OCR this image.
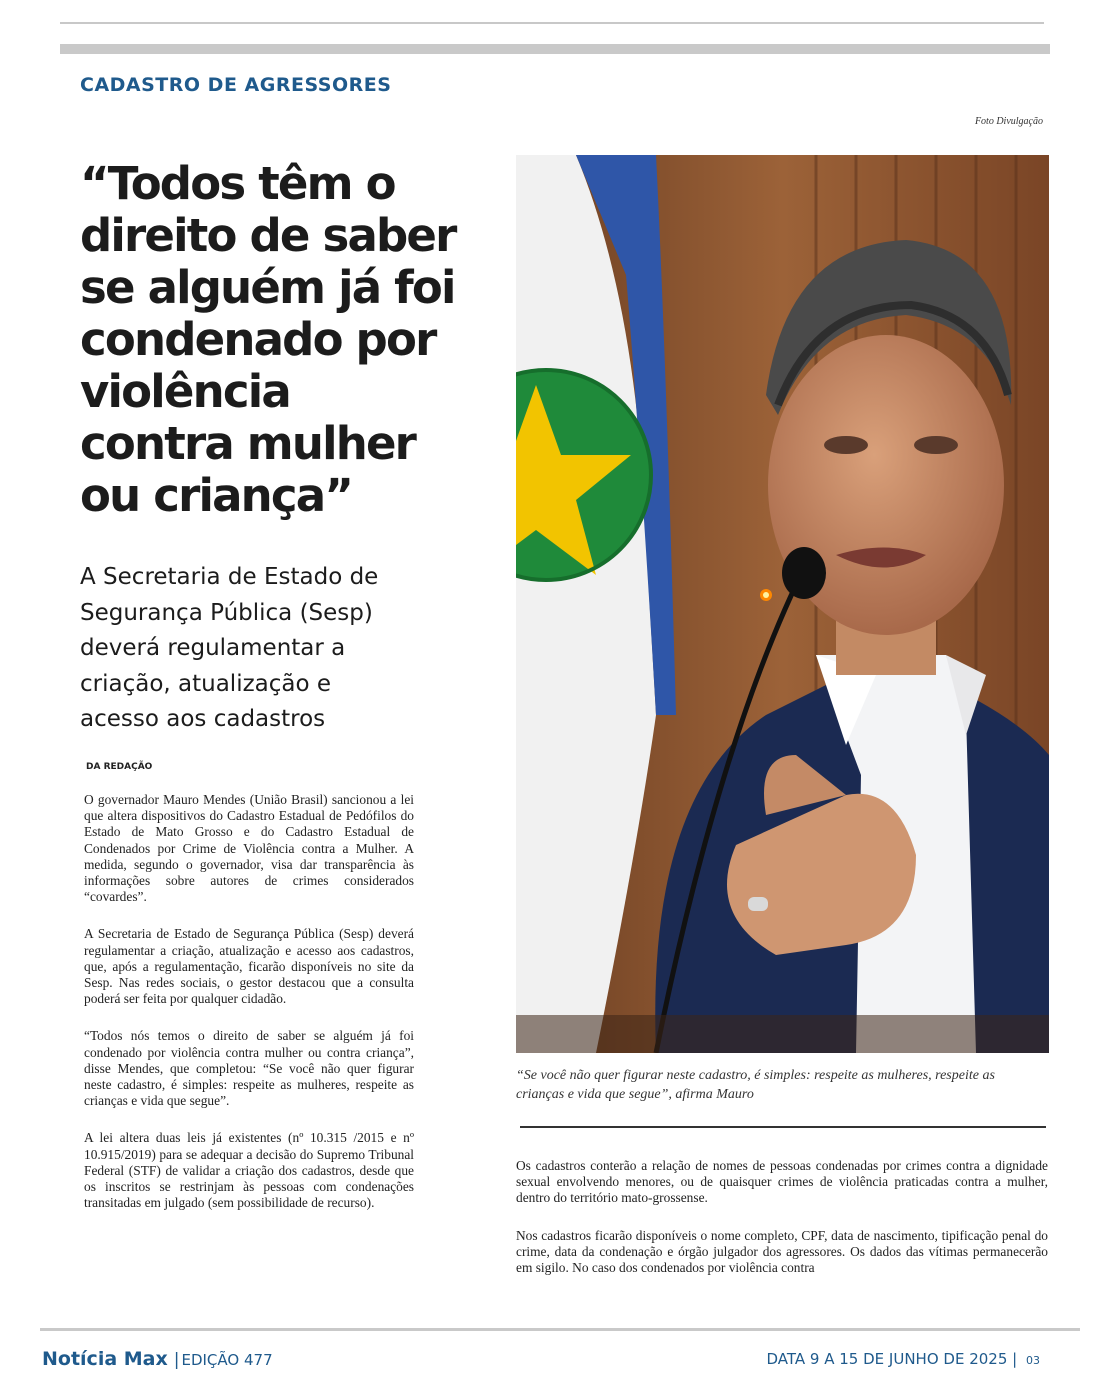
CADASTRO DE AGRESSORES
Foto Divulgação
“Todos têm o
direito de saber
se alguém já foi
condenado por
violência
contra mulher
ou criança”

A Secretaria de Estado de
Segurança Pública (Sesp)
deverá regulamentar a
criação, atualização e
acesso aos cadastros

DA REDAÇÃO

O governador Mauro Mendes (União Brasil) sancionou a lei que altera dispositivos do Cadastro Estadual de Pedófilos do Estado de Mato Grosso e do Cadastro Estadual de Condenados por Crime de Violência contra a Mulher. A medida, segundo o governador, visa dar transparência às informações sobre autores de crimes considerados “covardes”.

A Secretaria de Estado de Segurança Pública (Sesp) deverá regulamentar a criação, atualização e acesso aos cadastros, que, após a regulamentação, ficarão disponíveis no site da Sesp. Nas redes sociais, o gestor destacou que a consulta poderá ser feita por qualquer cidadão.

“Todos nós temos o direito de saber se alguém já foi condenado por violência contra mulher ou contra criança”, disse Mendes, que completou: “Se você não quer figurar neste cadastro, é simples: respeite as mulheres, respeite as crianças e vida que segue”.

A lei altera duas leis já existentes (nº 10.315 /2015 e nº 10.915/2019) para se adequar a decisão do Supremo Tribunal Federal (STF) de validar a criação dos cadastros, desde que os inscritos se restrinjam às pessoas com condenações transitadas em julgado (sem possibilidade de recurso).

“Se você não quer figurar neste cadastro, é simples: respeite as mulheres, respeite as crianças e vida que segue”, afirma Mauro

Os cadastros conterão a relação de nomes de pessoas condenadas por crimes contra a dignidade sexual envolvendo menores, ou de quaisquer crimes de violência praticadas contra a mulher, dentro do território mato-grossense.

Nos cadastros ficarão disponíveis o nome completo, CPF, data de nascimento, tipificação penal do crime, data da condenação e órgão julgador dos agressores. Os dados das vítimas permanecerão em sigilo. No caso dos condenados por violência contra

Notícia Max | EDIÇÃO 477	DATA 9 A 15 DE JUNHO DE 2025 | 03
